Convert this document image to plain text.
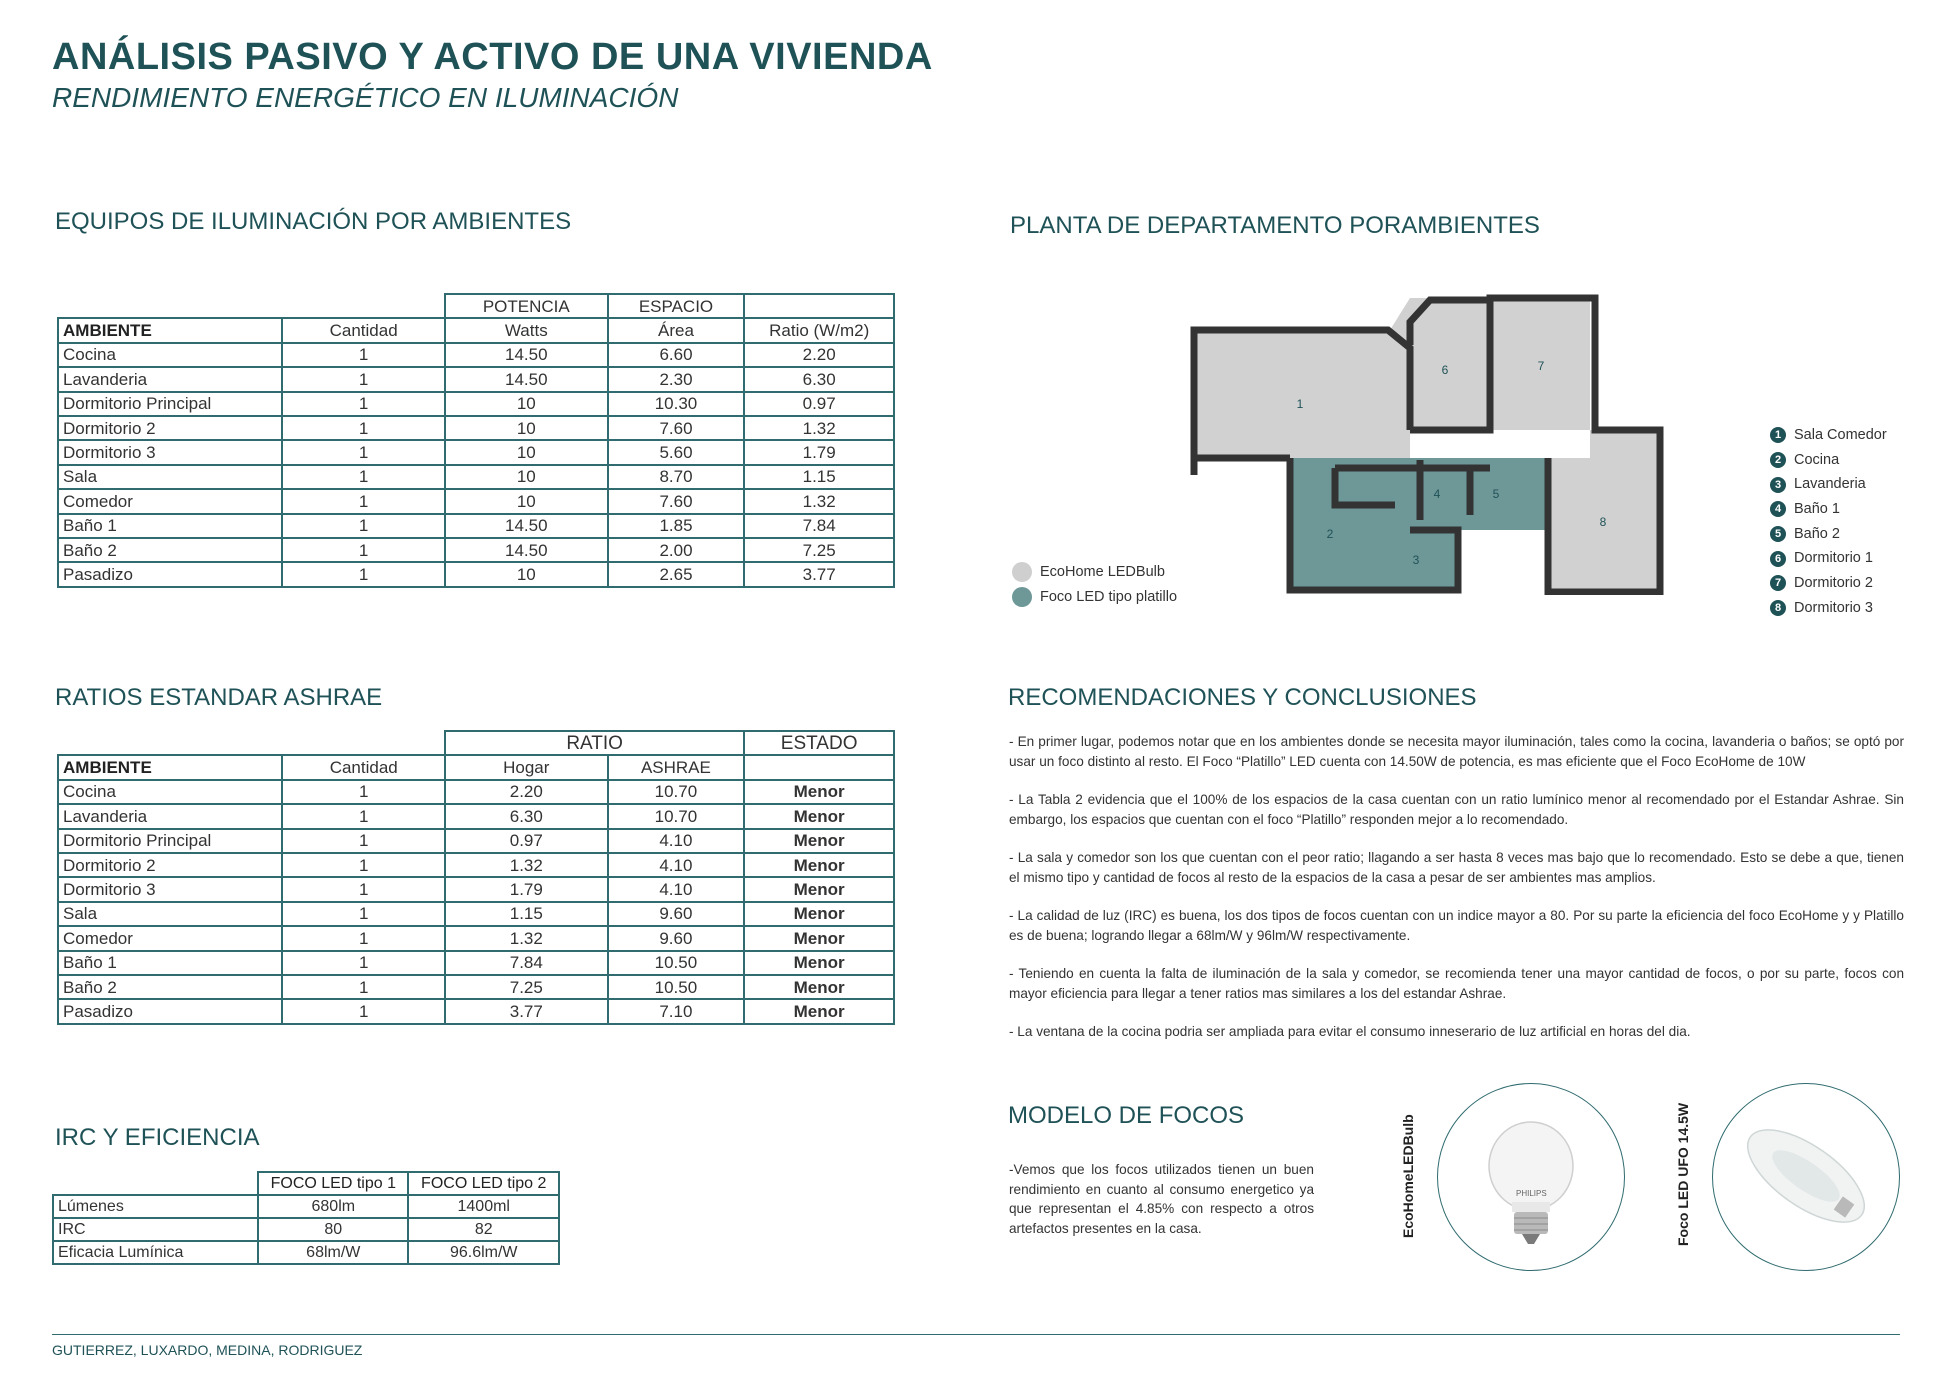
ANÁLISIS PASIVO Y ACTIVO DE UNA VIVIENDA
RENDIMIENTO ENERGÉTICO EN ILUMINACIÓN
EQUIPOS DE ILUMINACIÓN POR AMBIENTES
		POTENCIA	ESPACIO	
AMBIENTE	Cantidad	Watts	Área	Ratio (W/m2)
Cocina	1	14.50	6.60	2.20
Lavanderia	1	14.50	2.30	6.30
Dormitorio Principal	1	10	10.30	0.97
Dormitorio 2	1	10	7.60	1.32
Dormitorio 3	1	10	5.60	1.79
Sala	1	10	8.70	1.15
Comedor	1	10	7.60	1.32
Baño 1	1	14.50	1.85	7.84
Baño 2	1	14.50	2.00	7.25
Pasadizo	1	10	2.65	3.77
RATIOS ESTANDAR ASHRAE
		RATIO		ESTADO
AMBIENTE	Cantidad	Hogar	ASHRAE	
Cocina	1	2.20	10.70	Menor
Lavanderia	1	6.30	10.70	Menor
Dormitorio Principal	1	0.97	4.10	Menor
Dormitorio 2	1	1.32	4.10	Menor
Dormitorio 3	1	1.79	4.10	Menor
Sala	1	1.15	9.60	Menor
Comedor	1	1.32	9.60	Menor
Baño 1	1	7.84	10.50	Menor
Baño 2	1	7.25	10.50	Menor
Pasadizo	1	3.77	7.10	Menor
IRC Y EFICIENCIA
	FOCO LED tipo 1	FOCO LED tipo 2
Lúmenes	680lm	1400ml
IRC	80	82
Eficacia Lumínica	68lm/W	96.6lm/W
PLANTA DE DEPARTAMENTO PORAMBIENTES
1
2
3
4	5
6	7
8
EcoHome LEDBulb
Foco LED tipo platillo
1 Sala Comedor
2 Cocina
3 Lavanderia
4 Baño 1
5 Baño 2
6 Dormitorio 1
7 Dormitorio 2
8 Dormitorio 3
RECOMENDACIONES Y CONCLUSIONES
- En primer lugar, podemos notar que en los ambientes donde se necesita mayor iluminación, tales como la cocina, lavanderia o baños; se optó por usar un foco distinto al resto. El Foco “Platillo” LED cuenta con 14.50W de potencia, es mas eficiente que el Foco EcoHome de 10W
- La Tabla 2 evidencia que el 100% de los espacios de la casa cuentan con un ratio lumínico menor al recomendado por el Estandar Ashrae. Sin embargo, los espacios que cuentan con el foco “Platillo” responden mejor a lo recomendado.
- La sala y comedor son los que cuentan con el peor ratio; llagando a ser hasta 8 veces mas bajo que lo recomendado. Esto se debe a que, tienen el mismo tipo y cantidad de focos al resto de la espacios de la casa a pesar de ser ambientes mas amplios.
- La calidad de luz (IRC) es buena, los dos tipos de focos cuentan con un indice mayor a 80. Por su parte la eficiencia del foco EcoHome y y Platillo es de buena; logrando llegar a 68lm/W y 96lm/W respectivamente.
- Teniendo en cuenta la falta de iluminación de la sala y comedor, se recomienda tener una mayor cantidad de focos, o por su parte, focos con mayor eficiencia para llegar a tener ratios mas similares a los del estandar Ashrae.
- La ventana de la cocina podria ser ampliada para evitar el consumo inneserario de luz artificial en horas del dia.
MODELO DE FOCOS
-Vemos que los focos utilizados tienen un buen rendimiento en cuanto al consumo energetico ya que representan el 4.85% con respecto a otros artefactos presentes en la casa.	EcoHomeLEDBulb	PHILIPS	Foco LED UFO 14.5W
GUTIERREZ, LUXARDO, MEDINA, RODRIGUEZ
